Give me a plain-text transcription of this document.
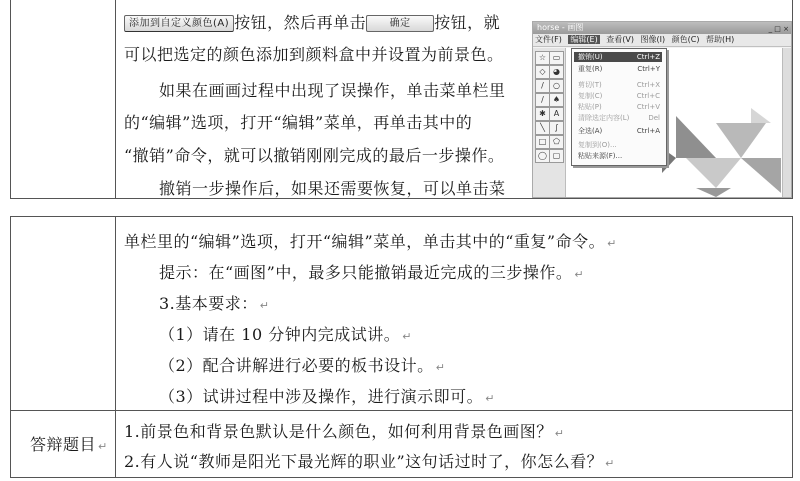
添加到自定义颜色(A) 按钮，然后再单击 确定 按钮，就
可以把选定的颜色添加到颜料盒中并设置为前景色。
如果在画画过程中出现了误操作，单击菜单栏里
的“编辑”选项，打开“编辑”菜单，再单击其中的
“撤销”命令，就可以撤销刚刚完成的最后一步操作。
撤销一步操作后，如果还需要恢复，可以单击菜
horse - 画图	_ □ ×
文件(F) 编辑(E) 查看(V) 图像(I) 颜色(C) 帮助(H)
☆ ▭
◇ ◕
/	○
∕	♠
✱ A
╲	∫
□ ⬠
◯ ▢
撤销(U)	Ctrl+Z
重复(R)	Ctrl+Y
剪切(T)	Ctrl+X
复制(C)	Ctrl+C
粘贴(P)	Ctrl+V
清除选定内容(L)	Del
全选(A)	Ctrl+A
复制到(O)...
粘贴来源(F)...
单栏里的“编辑”选项，打开“编辑”菜单，单击其中的“重复”命令。 ↵
提示：在“画图”中，最多只能撤销最近完成的三步操作。 ↵
3.基本要求： ↵
（1）请在 10 分钟内完成试讲。 ↵
（2）配合讲解进行必要的板书设计。 ↵
（3）试讲过程中涉及操作，进行演示即可。 ↵
答辩题目 ↵
1.前景色和背景色默认是什么颜色，如何利用背景色画图？ ↵
2.有人说“教师是阳光下最光辉的职业”这句话过时了，你怎么看？ ↵
